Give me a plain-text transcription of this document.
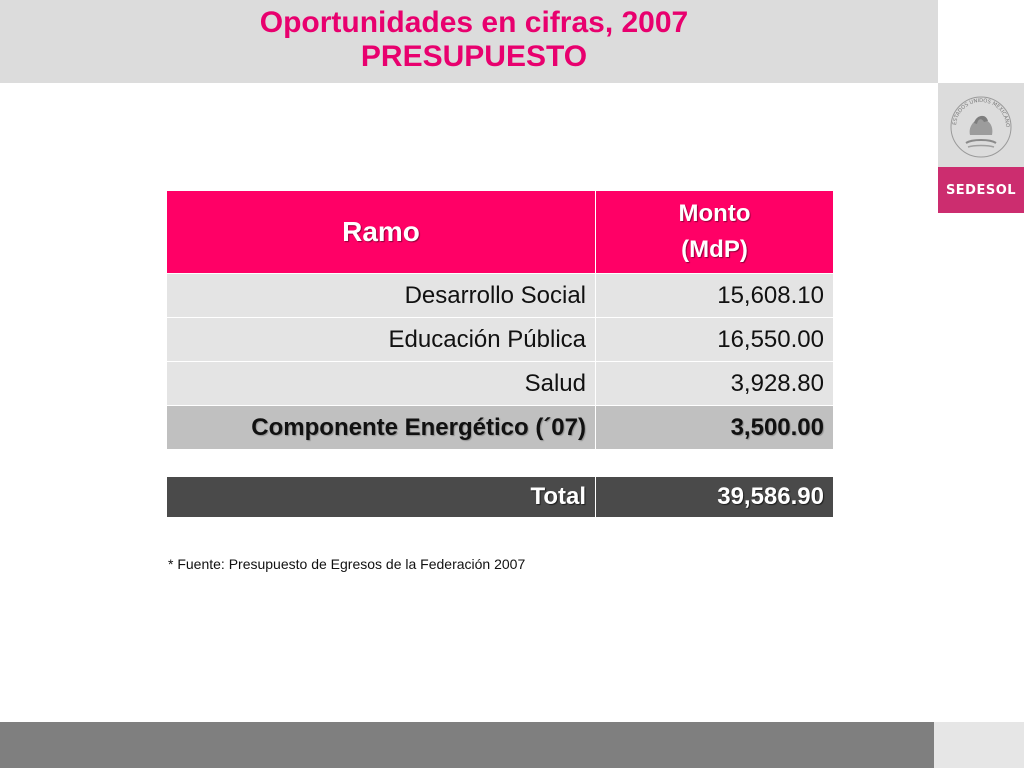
Oportunidades en cifras, 2007
PRESUPUESTO
ESTADOS UNIDOS MEXICANO
SEDESOL
Ramo	Monto
(MdP)

Desarrollo Social	15,608.10
Educación Pública	16,550.00
Salud	3,928.80
Componente Energético (´07)	3,500.00

Total	39,586.90
* Fuente: Presupuesto de Egresos de la Federación 2007
